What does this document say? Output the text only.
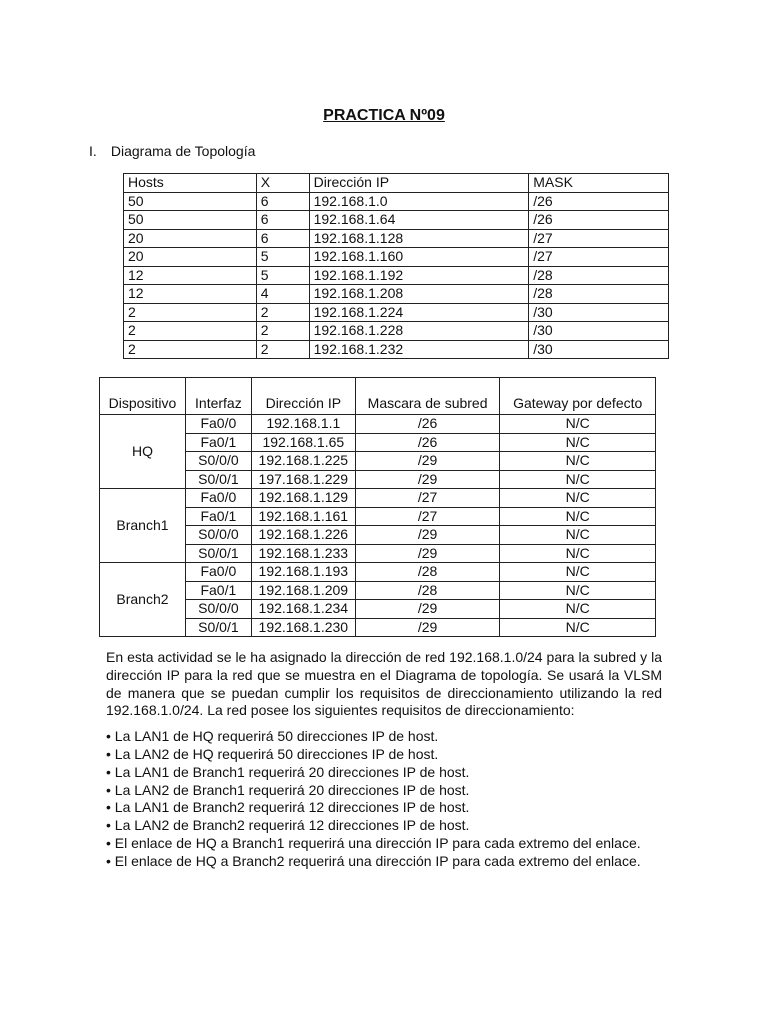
PRACTICA Nº09
I. Diagrama de Topología
Hosts	X	Dirección IP	MASK
50	6	192.168.1.0	/26
50	6	192.168.1.64	/26
20	6	192.168.1.128	/27
20	5	192.168.1.160	/27
12	5	192.168.1.192	/28
12	4	192.168.1.208	/28
2	2	192.168.1.224	/30
2	2	192.168.1.228	/30
2	2	192.168.1.232	/30
Dispositivo	Interfaz	Dirección IP	Mascara de subred	Gateway por defecto
HQ	Fa0/0	192.168.1.1	/26	N/C
	Fa0/1	192.168.1.65	/26	N/C
	S0/0/0	192.168.1.225	/29	N/C
	S0/0/1	197.168.1.229	/29	N/C
Branch1	Fa0/0	192.168.1.129	/27	N/C
	Fa0/1	192.168.1.161	/27	N/C
	S0/0/0	192.168.1.226	/29	N/C
	S0/0/1	192.168.1.233	/29	N/C
Branch2	Fa0/0	192.168.1.193	/28	N/C
	Fa0/1	192.168.1.209	/28	N/C
	S0/0/0	192.168.1.234	/29	N/C
	S0/0/1	192.168.1.230	/29	N/C

En esta actividad se le ha asignado la dirección de red 192.168.1.0/24 para la subred y la dirección IP para la red que se muestra en el Diagrama de topología. Se usará la VLSM de manera que se puedan cumplir los requisitos de direccionamiento utilizando la red 192.168.1.0/24. La red posee los siguientes requisitos de direccionamiento:

• La LAN1 de HQ requerirá 50 direcciones IP de host.
• La LAN2 de HQ requerirá 50 direcciones IP de host.
• La LAN1 de Branch1 requerirá 20 direcciones IP de host.
• La LAN2 de Branch1 requerirá 20 direcciones IP de host.
• La LAN1 de Branch2 requerirá 12 direcciones IP de host.
• La LAN2 de Branch2 requerirá 12 direcciones IP de host.
• El enlace de HQ a Branch1 requerirá una dirección IP para cada extremo del enlace.
• El enlace de HQ a Branch2 requerirá una dirección IP para cada extremo del enlace.
